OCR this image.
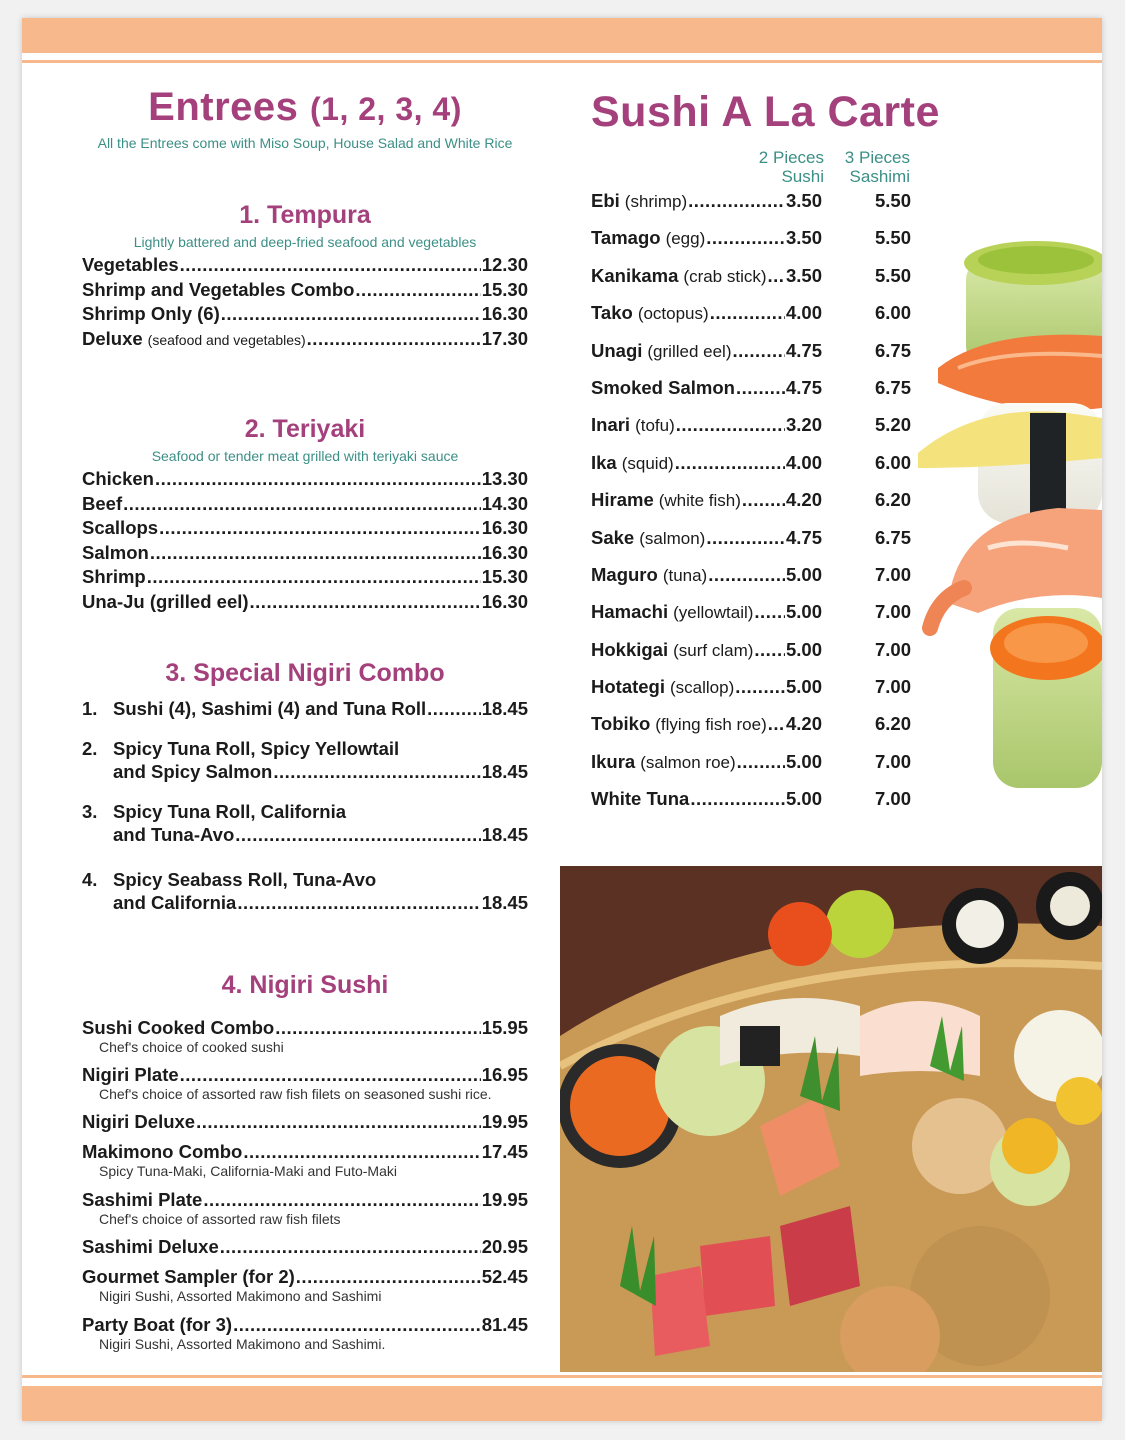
Entrees (1, 2, 3, 4)
All the Entrees come with Miso Soup, House Salad and White Rice
1. Tempura
Lightly battered and deep-fried seafood and vegetables
Vegetables .....	12.30
Shrimp and Vegetables Combo .....	15.30
Shrimp Only (6) .....	16.30
Deluxe (seafood and vegetables) .....	17.30
2. Teriyaki
Seafood or tender meat grilled with teriyaki sauce
Chicken .....	13.30
Beef .....	14.30
Scallops .....	16.30
Salmon .....	16.30
Shrimp .....	15.30
Una-Ju (grilled eel) .....	16.30
3. Special Nigiri Combo
1. Sushi (4), Sashimi (4) and Tuna Roll .....	18.45
2. Spicy Tuna Roll, Spicy Yellowtail
and Spicy Salmon .....	18.45
3. Spicy Tuna Roll, California
and Tuna-Avo .....	18.45
4. Spicy Seabass Roll, Tuna-Avo
and California .....	18.45
4. Nigiri Sushi
Sushi Cooked Combo .....	15.95
Chef's choice of cooked sushi
Nigiri Plate .....	16.95
Chef's choice of assorted raw fish filets on seasoned sushi rice.
Nigiri Deluxe .....	19.95
Makimono Combo .....	17.45
Spicy Tuna-Maki, California-Maki and Futo-Maki
Sashimi Plate .....	19.95
Chef's choice of assorted raw fish filets
Sashimi Deluxe .....	20.95
Gourmet Sampler (for 2) .....	52.45
Nigiri Sushi, Assorted Makimono and Sashimi
Party Boat (for 3) .....	81.45
Nigiri Sushi, Assorted Makimono and Sashimi.
Sushi A La Carte
2 Pieces
Sushi
3 Pieces
Sashimi
Ebi (shrimp) .....	3.50	5.50
Tamago (egg) .....	3.50	5.50
Kanikama (crab stick) ..... 3.50	5.50
Tako (octopus) .....	4.00	6.00
Unagi (grilled eel) .....	4.75	6.75
Smoked Salmon .....	4.75	6.75
Inari (tofu) .....	3.20	5.20
Ika (squid) .....	4.00	6.00
Hirame (white fish) ..... 4.20	6.20
Sake (salmon) .....	4.75	6.75
Maguro (tuna) .....	5.00	7.00
Hamachi (yellowtail) ..... 5.00	7.00
Hokkigai (surf clam) ..... 5.00	7.00
Hotategi (scallop) .....	5.00	7.00
Tobiko (flying fish roe) ..... 4.20	6.20
Ikura (salmon roe) .....	5.00	7.00
White Tuna .....	5.00	7.00
